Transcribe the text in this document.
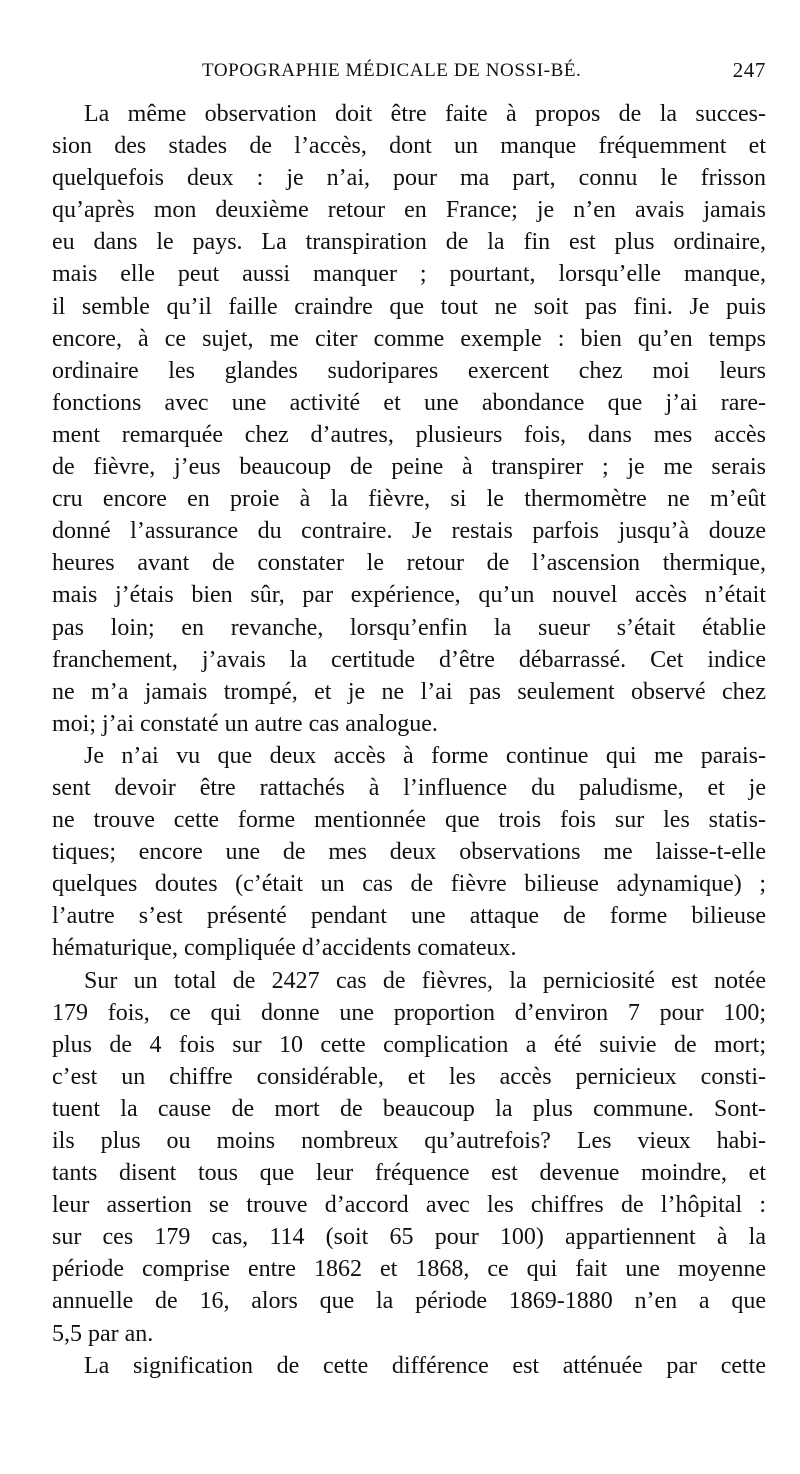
TOPOGRAPHIE MÉDICALE DE NOSSI-BÉ.	247
La même observation doit être faite à propos de la succes-
sion des stades de l’accès, dont un manque fréquemment et
quelquefois deux : je n’ai, pour ma part, connu le frisson
qu’après mon deuxième retour en France; je n’en avais jamais
eu dans le pays. La transpiration de la fin est plus ordinaire,
mais elle peut aussi manquer ; pourtant, lorsqu’elle manque,
il semble qu’il faille craindre que tout ne soit pas fini. Je puis
encore, à ce sujet, me citer comme exemple : bien qu’en temps
ordinaire les glandes sudoripares exercent chez moi leurs
fonctions avec une activité et une abondance que j’ai rare-
ment remarquée chez d’autres, plusieurs fois, dans mes accès
de fièvre, j’eus beaucoup de peine à transpirer ; je me serais
cru encore en proie à la fièvre, si le thermomètre ne m’eût
donné l’assurance du contraire. Je restais parfois jusqu’à douze
heures avant de constater le retour de l’ascension thermique,
mais j’étais bien sûr, par expérience, qu’un nouvel accès n’était
pas loin; en revanche, lorsqu’enfin la sueur s’était établie
franchement, j’avais la certitude d’être débarrassé. Cet indice
ne m’a jamais trompé, et je ne l’ai pas seulement observé chez
moi; j’ai constaté un autre cas analogue.
Je n’ai vu que deux accès à forme continue qui me parais-
sent devoir être rattachés à l’influence du paludisme, et je
ne trouve cette forme mentionnée que trois fois sur les statis-
tiques; encore une de mes deux observations me laisse-t-elle
quelques doutes (c’était un cas de fièvre bilieuse adynamique) ;
l’autre s’est présenté pendant une attaque de forme bilieuse
hématurique, compliquée d’accidents comateux.
Sur un total de 2427 cas de fièvres, la perniciosité est notée
179 fois, ce qui donne une proportion d’environ 7 pour 100;
plus de 4 fois sur 10 cette complication a été suivie de mort;
c’est un chiffre considérable, et les accès pernicieux consti-
tuent la cause de mort de beaucoup la plus commune. Sont-
ils plus ou moins nombreux qu’autrefois? Les vieux habi-
tants disent tous que leur fréquence est devenue moindre, et
leur assertion se trouve d’accord avec les chiffres de l’hôpital :
sur ces 179 cas, 114 (soit 65 pour 100) appartiennent à la
période comprise entre 1862 et 1868, ce qui fait une moyenne
annuelle de 16, alors que la période 1869-1880 n’en a que
5,5 par an.
La signification de cette différence est atténuée par cette
